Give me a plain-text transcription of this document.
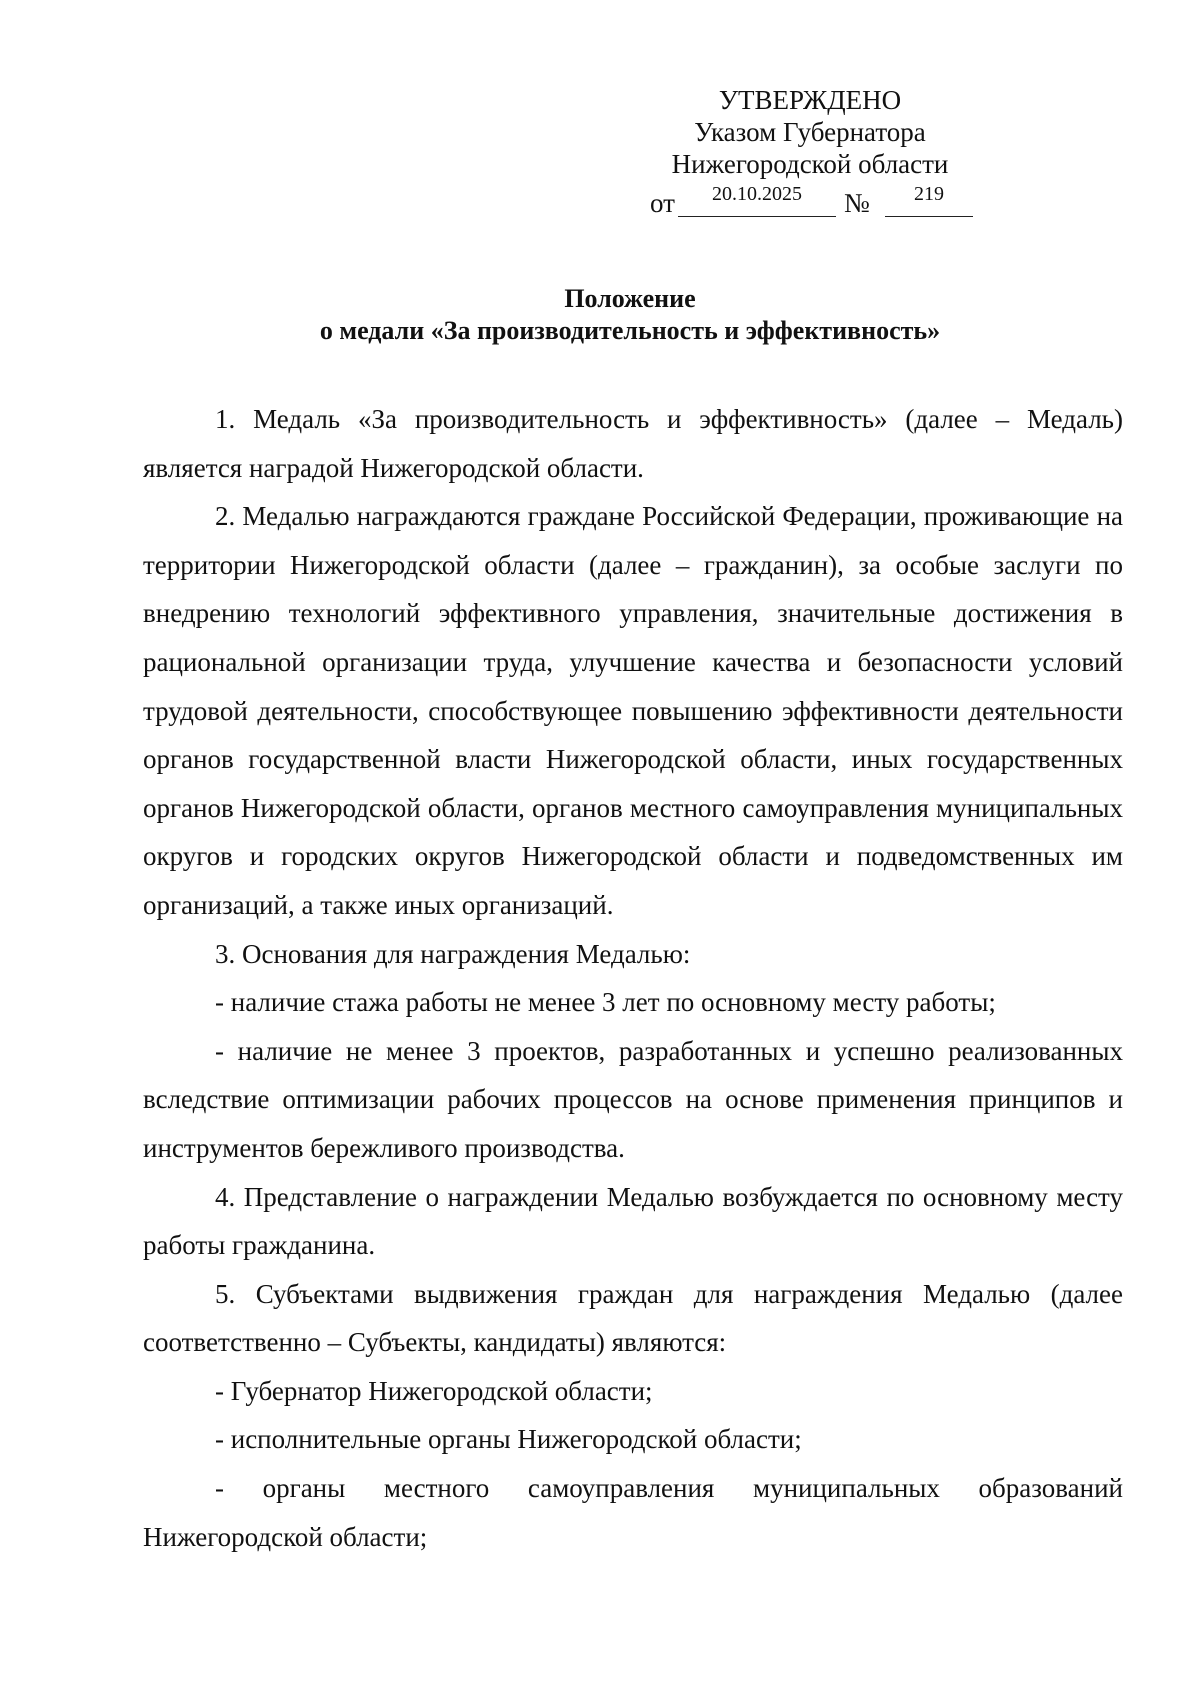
УТВЕРЖДЕНО
Указом Губернатора
Нижегородской области
от	20.10.2025	№	219
Положение
о медали «За производительность и эффективность»

1. Медаль «За производительность и эффективность» (далее – Медаль) является наградой Нижегородской области.

2. Медалью награждаются граждане Российской Федерации, проживающие на территории Нижегородской области (далее – гражданин), за особые заслуги по внедрению технологий эффективного управления, значительные достижения в рациональной организации труда, улучшение качества и безопасности условий трудовой деятельности, способствующее повышению эффективности деятельности органов государственной власти Нижегородской области, иных государственных органов Нижегородской области, органов местного самоуправления муниципальных округов и городских округов Нижегородской области и подведомственных им организаций, а также иных организаций.

3. Основания для награждения Медалью:

- наличие стажа работы не менее 3 лет по основному месту работы;

- наличие не менее 3 проектов, разработанных и успешно реализованных вследствие оптимизации рабочих процессов на основе применения принципов и инструментов бережливого производства.

4. Представление о награждении Медалью возбуждается по основному месту работы гражданина.

5. Субъектами выдвижения граждан для награждения Медалью (далее соответственно – Субъекты, кандидаты) являются:

- Губернатор Нижегородской области;

- исполнительные органы Нижегородской области;

- органы местного самоуправления муниципальных образований Нижегородской области;
